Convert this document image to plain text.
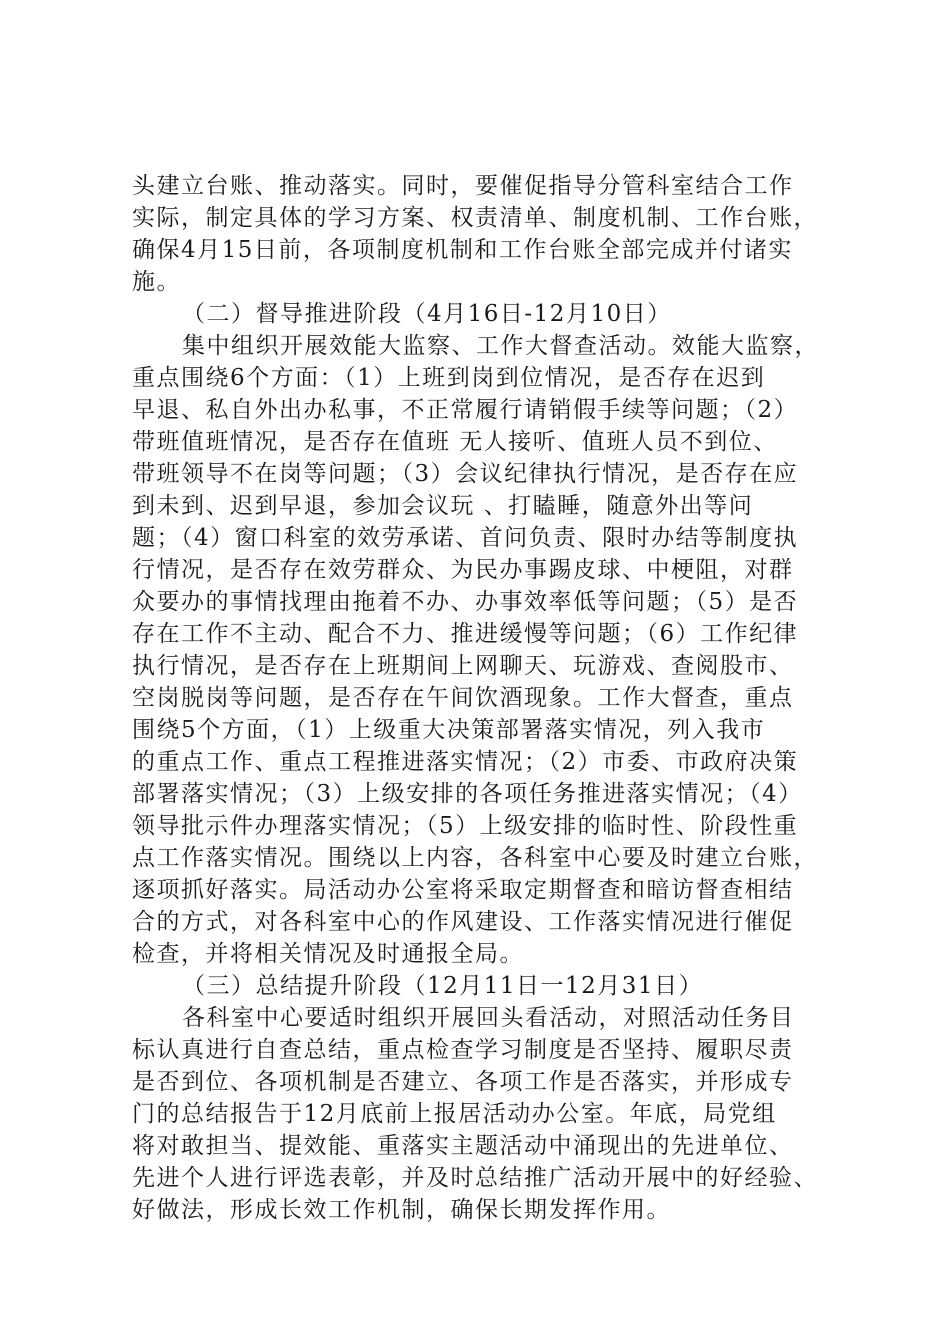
头建立台账、推动落实。同时，要催促指导分管科室结合工作
实际，制定具体的学习方案、权责清单、制度机制、工作台账，
确保4月15日前，各项制度机制和工作台账全部完成并付诸实
施。
（二）督导推进阶段（4月16日-12月10日）
集中组织开展效能大监察、工作大督查活动。效能大监察，
重点围绕6个方面：（1）上班到岗到位情况，是否存在迟到
早退、私自外出办私事，不正常履行请销假手续等问题；（2）
带班值班情况，是否存在值班 无人接听、值班人员不到位、
带班领导不在岗等问题；（3）会议纪律执行情况，是否存在应
到未到、迟到早退，参加会议玩 、打瞌睡，随意外出等问
题；（4）窗口科室的效劳承诺、首问负责、限时办结等制度执
行情况，是否存在效劳群众、为民办事踢皮球、中梗阻，对群
众要办的事情找理由拖着不办、办事效率低等问题；（5）是否
存在工作不主动、配合不力、推进缓慢等问题；（6）工作纪律
执行情况，是否存在上班期间上网聊天、玩游戏、查阅股市、
空岗脱岗等问题，是否存在午间饮酒现象。工作大督查，重点
围绕5个方面，（1）上级重大决策部署落实情况，列入我市
的重点工作、重点工程推进落实情况；（2）市委、市政府决策
部署落实情况；（3）上级安排的各项任务推进落实情况；（4）
领导批示件办理落实情况；（5）上级安排的临时性、阶段性重
点工作落实情况。围绕以上内容，各科室中心要及时建立台账，
逐项抓好落实。局活动办公室将采取定期督查和暗访督查相结
合的方式，对各科室中心的作风建设、工作落实情况进行催促
检查，并将相关情况及时通报全局。
（三）总结提升阶段（12月11日一12月31日）
各科室中心要适时组织开展回头看活动，对照活动任务目
标认真进行自查总结，重点检查学习制度是否坚持、履职尽责
是否到位、各项机制是否建立、各项工作是否落实，并形成专
门的总结报告于12月底前上报居活动办公室。年底，局党组
将对敢担当、提效能、重落实主题活动中涌现出的先进单位、
先进个人进行评选表彰，并及时总结推广活动开展中的好经验、
好做法，形成长效工作机制，确保长期发挥作用。
